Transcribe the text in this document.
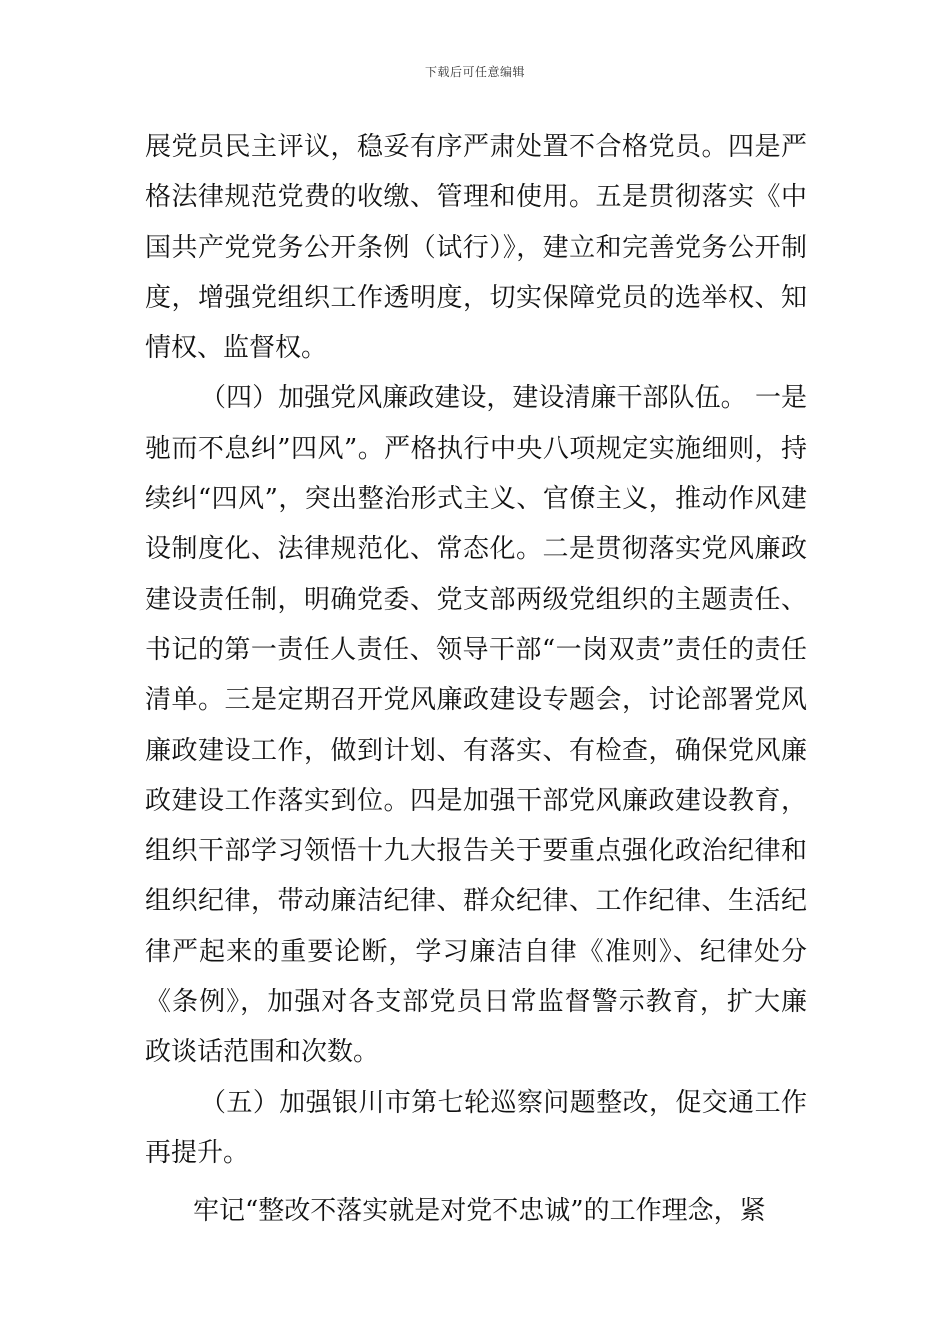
下载后可任意编辑

展党员民主评议，稳妥有序严肃处置不合格党员。四是严格法律规范党费的收缴、管理和使用。五是贯彻落实《中国共产党党务公开条例（试行）》，建立和完善党务公开制度，增强党组织工作透明度，切实保障党员的选举权、知情权、监督权。

（四）加强党风廉政建设，建设清廉干部队伍。 一是驰而不息纠”四风”。严格执行中央八项规定实施细则，持续纠“四风”，突出整治形式主义、官僚主义，推动作风建设制度化、法律规范化、常态化。二是贯彻落实党风廉政建设责任制，明确党委、党支部两级党组织的主题责任、书记的第一责任人责任、领导干部“一岗双责”责任的责任清单。三是定期召开党风廉政建设专题会，讨论部署党风廉政建设工作，做到计划、有落实、有检查，确保党风廉政建设工作落实到位。四是加强干部党风廉政建设教育，组织干部学习领悟十九大报告关于要重点强化政治纪律和组织纪律，带动廉洁纪律、群众纪律、工作纪律、生活纪律严起来的重要论断，学习廉洁自律《准则》、纪律处分《条例》，加强对各支部党员日常监督警示教育，扩大廉政谈话范围和次数。

（五）加强银川市第七轮巡察问题整改，促交通工作再提升。

牢记“整改不落实就是对党不忠诚”的工作理念，紧
